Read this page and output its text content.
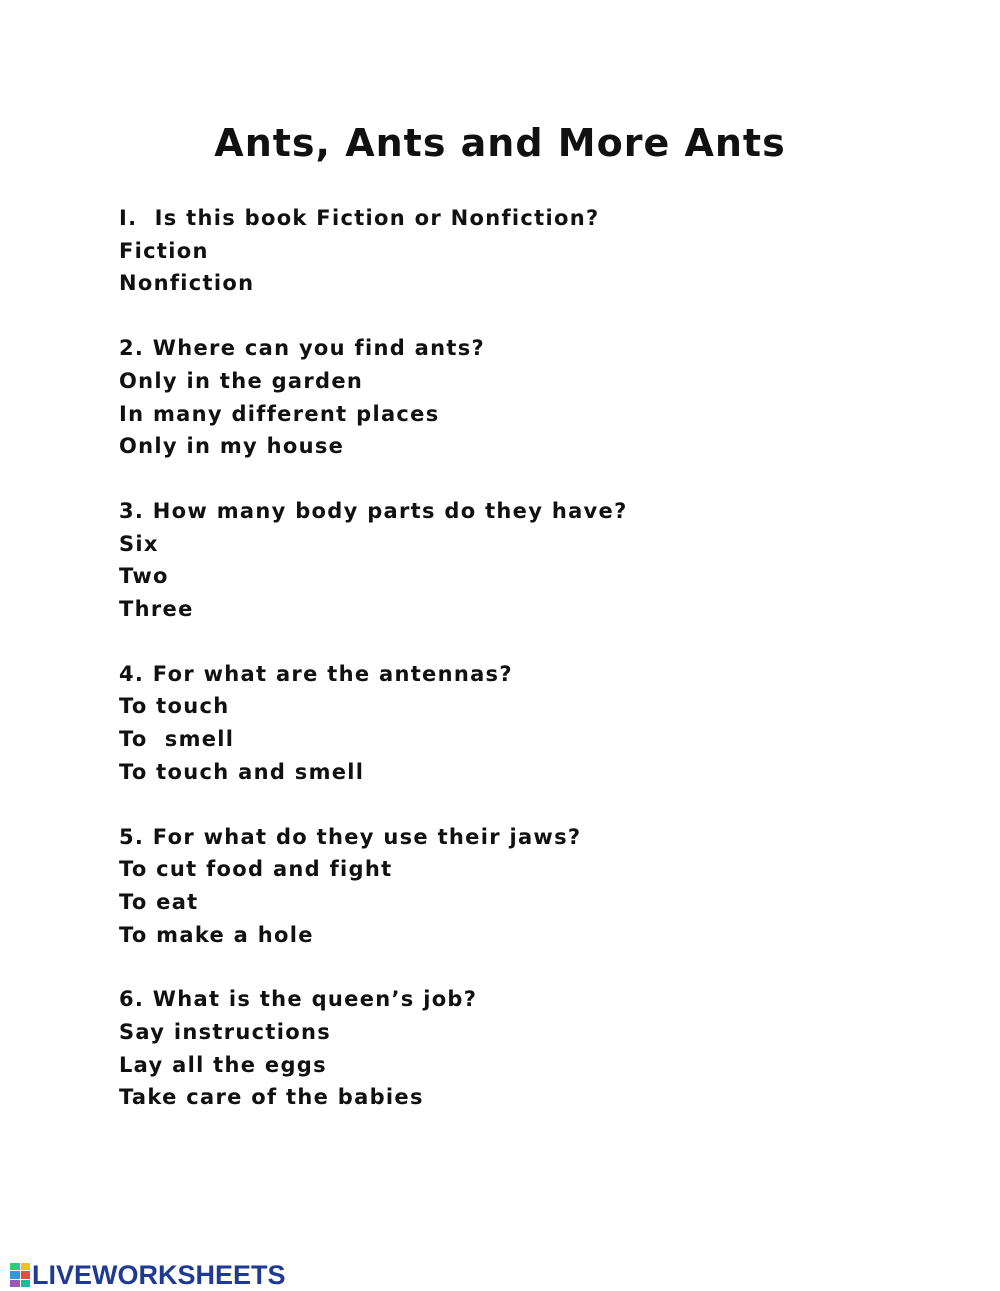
Ants, Ants and More Ants
I.  Is this book Fiction or Nonfiction?
Fiction
Nonfiction
2. Where can you find ants?
Only in the garden
In many different places
Only in my house
3. How many body parts do they have?
Six
Two
Three
4. For what are the antennas?
To touch
To  smell
To touch and smell
5. For what do they use their jaws?
To cut food and fight
To eat
To make a hole
6. What is the queen’s job?
Say instructions
Lay all the eggs
Take care of the babies
LIVEWORKSHEETS
